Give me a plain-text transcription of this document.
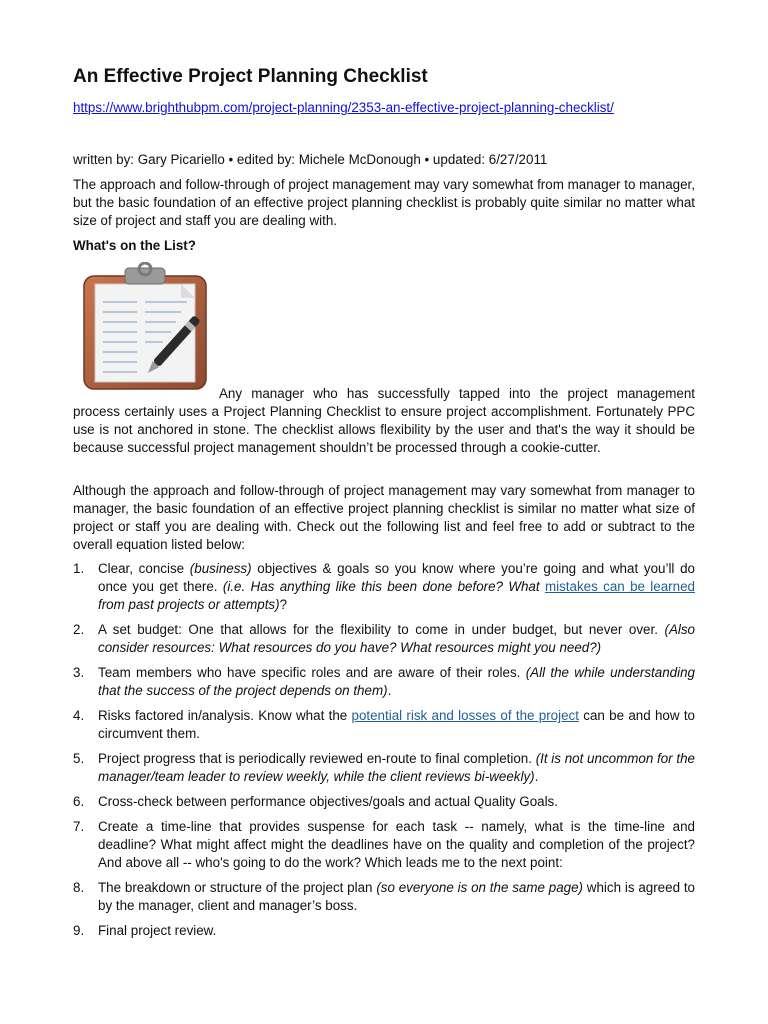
An Effective Project Planning Checklist
https://www.brighthubpm.com/project-planning/2353-an-effective-project-planning-checklist/

written by: Gary Picariello • edited by: Michele McDonough • updated: 6/27/2011

The approach and follow-through of project management may vary somewhat from manager to manager, but the basic foundation of an effective project planning checklist is probably quite similar no matter what size of project and staff you are dealing with.

What's on the List?

Any manager who has successfully tapped into the project management process certainly uses a Project Planning Checklist to ensure project accomplishment. Fortunately PPC use is not anchored in stone. The checklist allows flexibility by the user and that's the way it should be because successful project management shouldn’t be processed through a cookie-cutter.

Although the approach and follow-through of project management may vary somewhat from manager to manager, the basic foundation of an effective project planning checklist is similar no matter what size of project or staff you are dealing with. Check out the following list and feel free to add or subtract to the overall equation listed below:

1.	Clear, concise (business) objectives & goals so you know where you’re going and what you’ll do once you get there. (i.e. Has anything like this been done before? What mistakes can be learned from past projects or attempts)?
2.	A set budget: One that allows for the flexibility to come in under budget, but never over. (Also consider resources: What resources do you have? What resources might you need?)
3.	Team members who have specific roles and are aware of their roles. (All the while understanding that the success of the project depends on them).
4.	Risks factored in/analysis. Know what the potential risk and losses of the project can be and how to circumvent them.
5.	Project progress that is periodically reviewed en-route to final completion. (It is not uncommon for the manager/team leader to review weekly, while the client reviews bi-weekly).
6.	Cross-check between performance objectives/goals and actual Quality Goals.
7.	Create a time-line that provides suspense for each task -- namely, what is the time-line and deadline? What might affect might the deadlines have on the quality and completion of the project? And above all -- who's going to do the work? Which leads me to the next point:
8.	The breakdown or structure of the project plan (so everyone is on the same page) which is agreed to by the manager, client and manager’s boss.
9.	Final project review.
